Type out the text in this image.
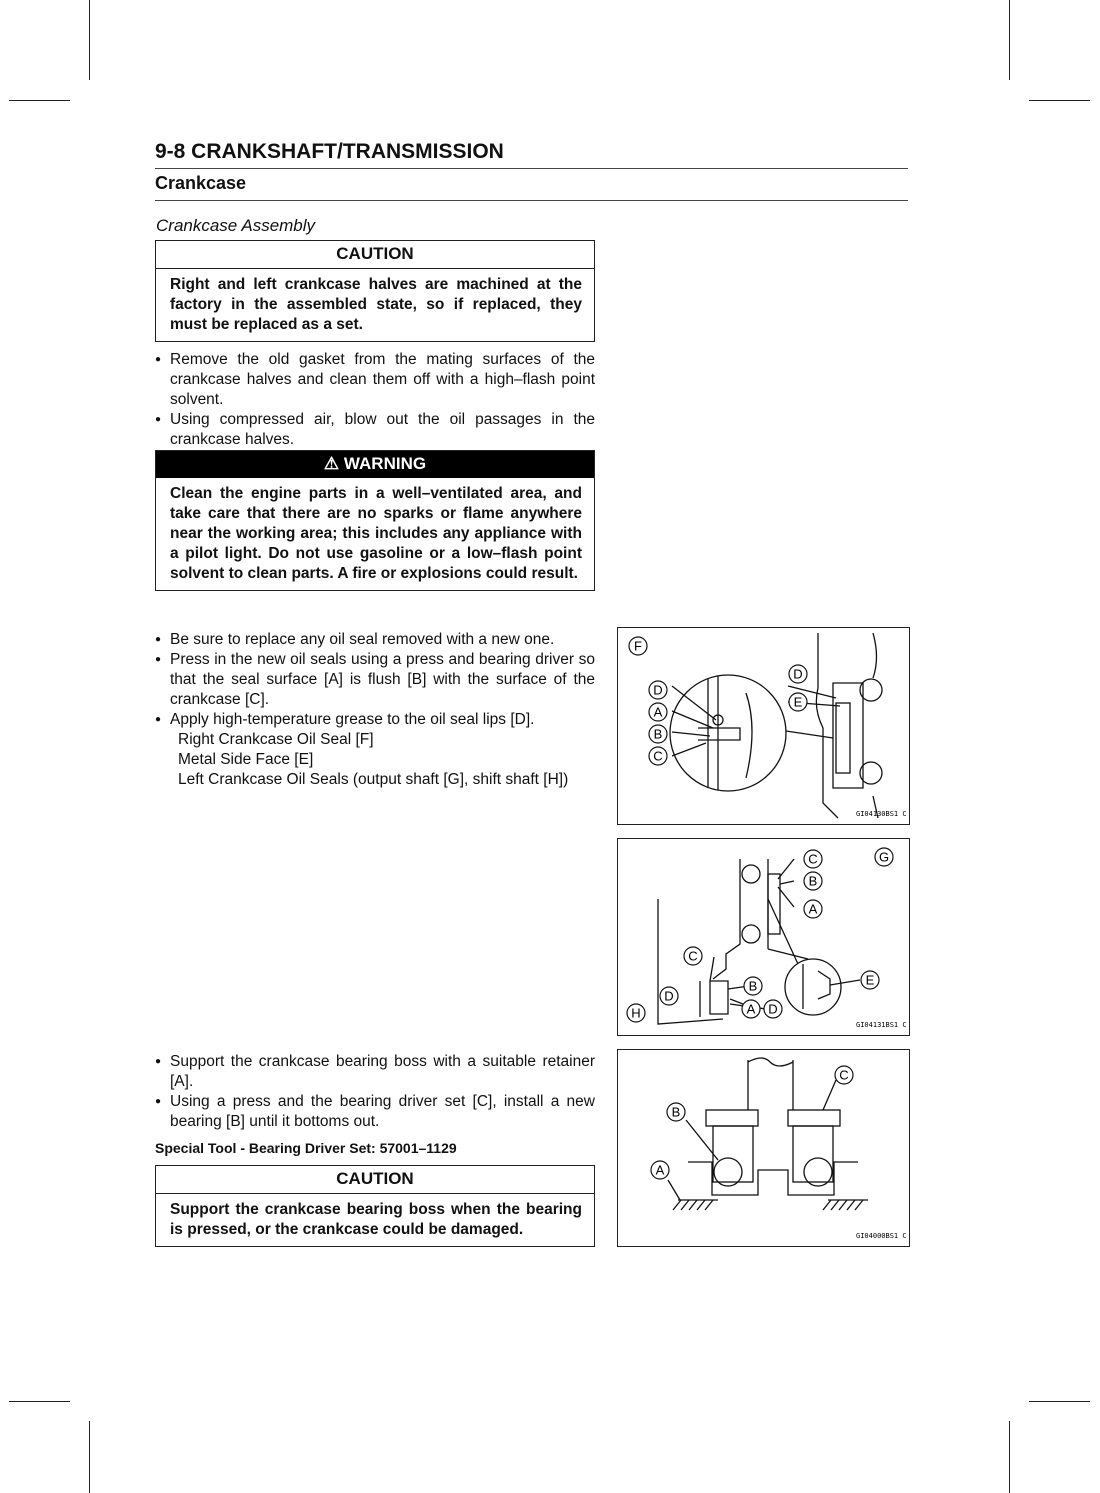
9-8 CRANKSHAFT/TRANSMISSION
Crankcase
Crankcase Assembly
CAUTION
Right and left crankcase halves are machined at the factory in the assembled state, so if replaced, they must be replaced as a set.
● Remove the old gasket from the mating surfaces of the crankcase halves and clean them off with a high–flash point solvent.
● Using compressed air, blow out the oil passages in the crankcase halves.
⚠ WARNING
Clean the engine parts in a well–ventilated area, and take care that there are no sparks or flame anywhere near the working area; this includes any appliance with a pilot light. Do not use gasoline or a low–flash point solvent to clean parts. A fire or explosions could result.
● Be sure to replace any oil seal removed with a new one.
● Press in the new oil seals using a press and bearing driver so that the seal surface [A] is flush [B] with the surface of the crankcase [C].
● Apply high-temperature grease to the oil seal lips [D].
Right Crankcase Oil Seal [F]
Metal Side Face [E]
Left Crankcase Oil Seals (output shaft [G], shift shaft [H])
● Support the crankcase bearing boss with a suitable retainer [A].
● Using a press and the bearing driver set [C], install a new bearing [B] until it bottoms out.
Special Tool - Bearing Driver Set: 57001–1129
CAUTION
Support the crankcase bearing boss when the bearing is pressed, or the crankcase could be damaged.
F
D
A
B
C
D
E
GI04130BS1 C
G
C
B
A
C
B
D
A D
E
H
GI04131BS1 C
C
B
A
GI04000BS1 C
